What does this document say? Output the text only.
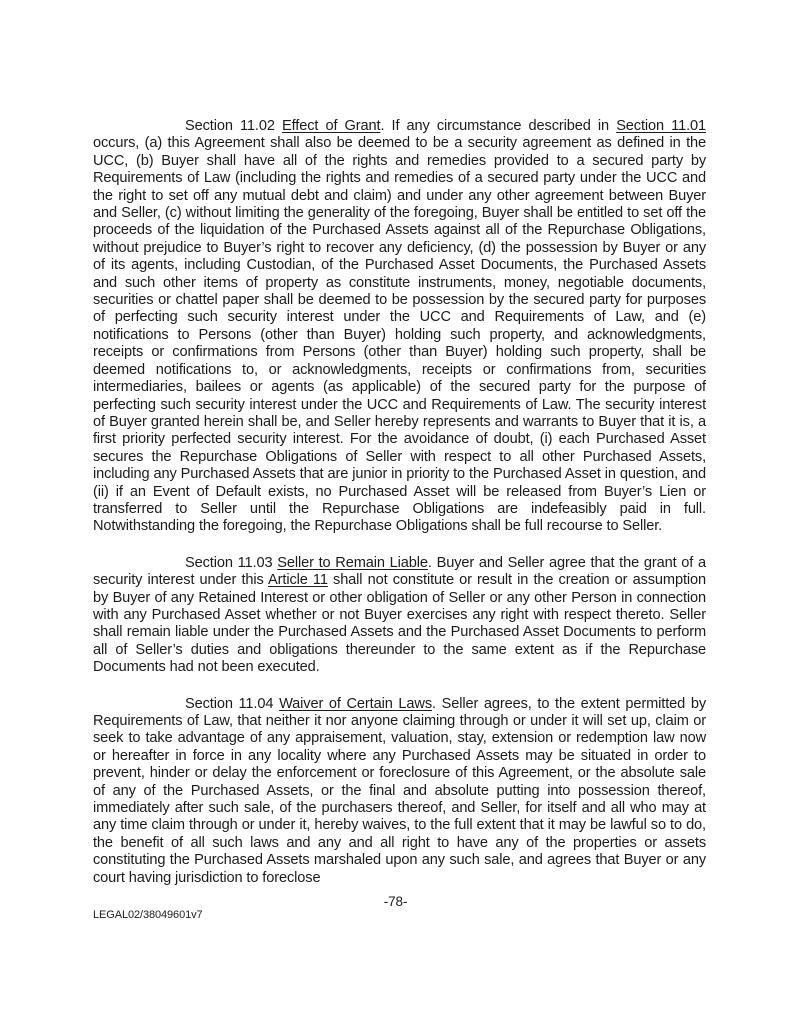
Section 11.02 Effect of Grant. If any circumstance described in Section 11.01 occurs, (a) this Agreement shall also be deemed to be a security agreement as defined in the UCC, (b) Buyer shall have all of the rights and remedies provided to a secured party by Requirements of Law (including the rights and remedies of a secured party under the UCC and the right to set off any mutual debt and claim) and under any other agreement between Buyer and Seller, (c) without limiting the generality of the foregoing, Buyer shall be entitled to set off the proceeds of the liquidation of the Purchased Assets against all of the Repurchase Obligations, without prejudice to Buyer’s right to recover any deficiency, (d) the possession by Buyer or any of its agents, including Custodian, of the Purchased Asset Documents, the Purchased Assets and such other items of property as constitute instruments, money, negotiable documents, securities or chattel paper shall be deemed to be possession by the secured party for purposes of perfecting such security interest under the UCC and Requirements of Law, and (e) notifications to Persons (other than Buyer) holding such property, and acknowledgments, receipts or confirmations from Persons (other than Buyer) holding such property, shall be deemed notifications to, or acknowledgments, receipts or confirmations from, securities intermediaries, bailees or agents (as applicable) of the secured party for the purpose of perfecting such security interest under the UCC and Requirements of Law. The security interest of Buyer granted herein shall be, and Seller hereby represents and warrants to Buyer that it is, a first priority perfected security interest. For the avoidance of doubt, (i) each Purchased Asset secures the Repurchase Obligations of Seller with respect to all other Purchased Assets, including any Purchased Assets that are junior in priority to the Purchased Asset in question, and (ii) if an Event of Default exists, no Purchased Asset will be released from Buyer’s Lien or transferred to Seller until the Repurchase Obligations are indefeasibly paid in full. Notwithstanding the foregoing, the Repurchase Obligations shall be full recourse to Seller.

Section 11.03 Seller to Remain Liable. Buyer and Seller agree that the grant of a security interest under this Article 11 shall not constitute or result in the creation or assumption by Buyer of any Retained Interest or other obligation of Seller or any other Person in connection with any Purchased Asset whether or not Buyer exercises any right with respect thereto. Seller shall remain liable under the Purchased Assets and the Purchased Asset Documents to perform all of Seller’s duties and obligations thereunder to the same extent as if the Repurchase Documents had not been executed.

Section 11.04 Waiver of Certain Laws. Seller agrees, to the extent permitted by Requirements of Law, that neither it nor anyone claiming through or under it will set up, claim or seek to take advantage of any appraisement, valuation, stay, extension or redemption law now or hereafter in force in any locality where any Purchased Assets may be situated in order to prevent, hinder or delay the enforcement or foreclosure of this Agreement, or the absolute sale of any of the Purchased Assets, or the final and absolute putting into possession thereof, immediately after such sale, of the purchasers thereof, and Seller, for itself and all who may at any time claim through or under it, hereby waives, to the full extent that it may be lawful so to do, the benefit of all such laws and any and all right to have any of the properties or assets constituting the Purchased Assets marshaled upon any such sale, and agrees that Buyer or any court having jurisdiction to foreclose

-78-
LEGAL02/38049601v7
